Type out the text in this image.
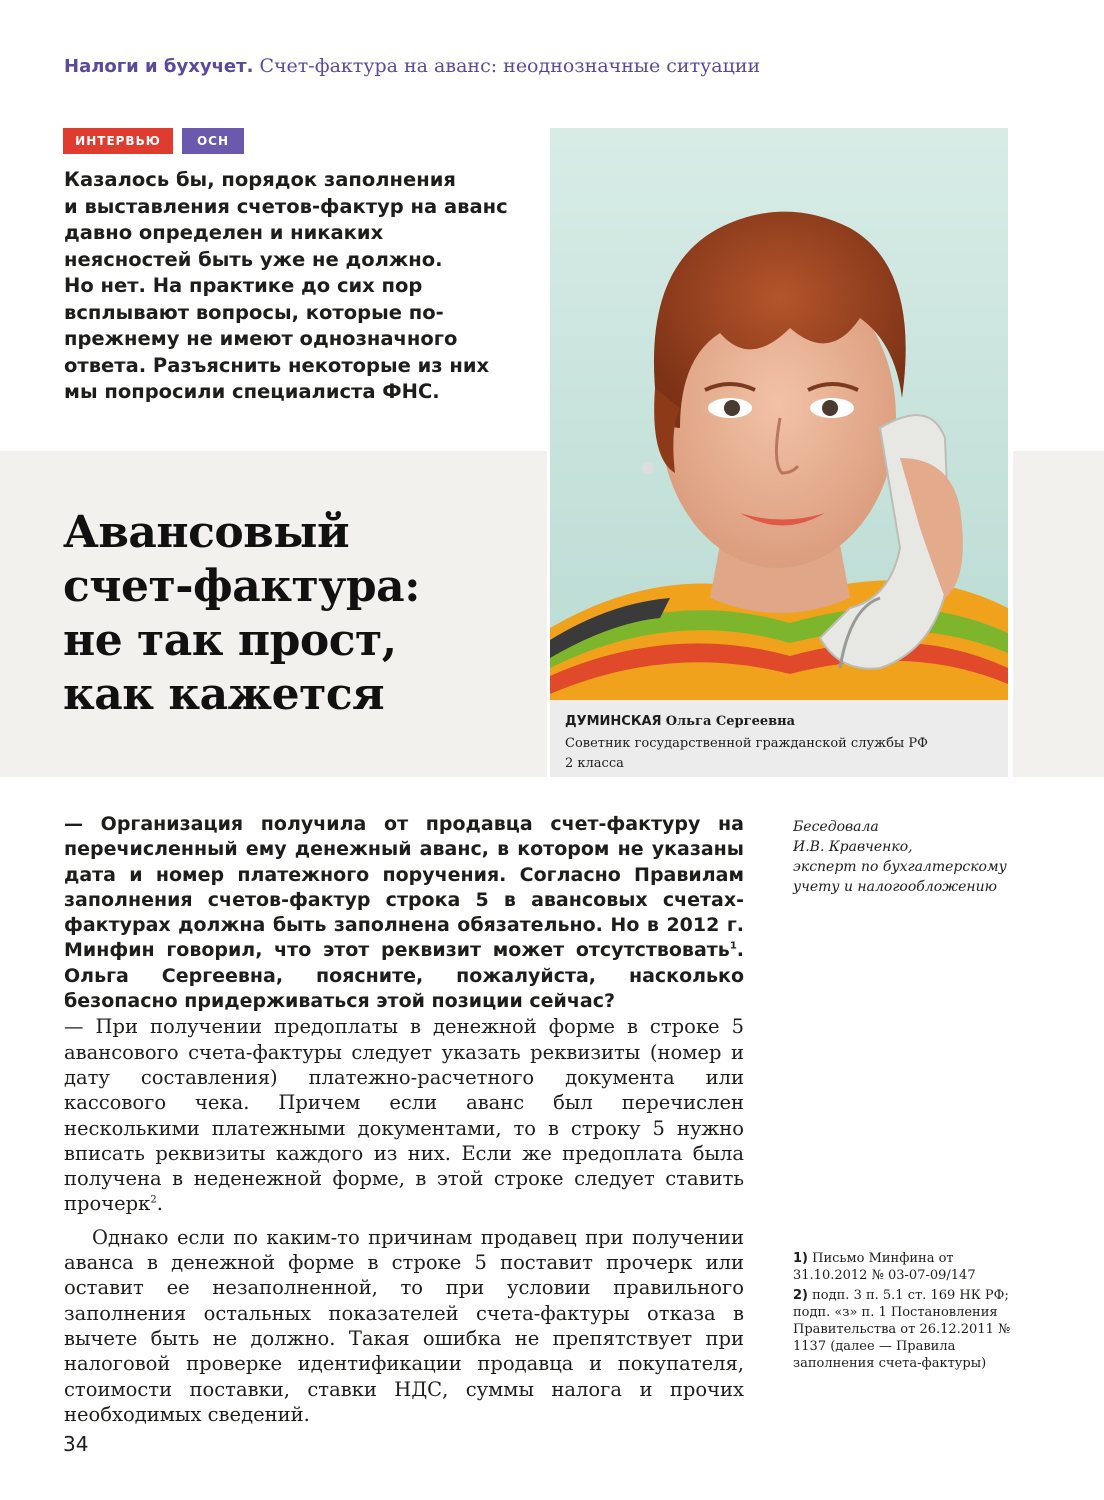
Налоги и бухучет. Счет-фактура на аванс: неоднозначные ситуации
ИНТЕРВЬЮ	ОСН
Казалось бы, порядок заполнения
и выставления счетов-фактур на аванс
давно определен и никаких
неясностей быть уже не должно.
Но нет. На практике до сих пор
всплывают вопросы, которые по-
прежнему не имеют однозначного
ответа. Разъяснить некоторые из них
мы попросили специалиста ФНС.
Авансовый
счет-фактура:
не так прост,
как кажется
ДУМИНСКАЯ Ольга Сергеевна
Советник государственной гражданской службы РФ
2 класса

— Организация получила от продавца счет-фактуру на перечисленный ему денежный аванс, в котором не указаны дата и номер платежного поручения. Согласно Правилам заполнения счетов-фактур строка 5 в авансовых счетах-фактурах должна быть заполнена обязательно. Но в 2012 г. Минфин говорил, что этот реквизит может отсутствовать$^1$. Ольга Сергеевна, поясните, пожалуйста, насколько безопасно придерживаться этой позиции сейчас?

— При получении предоплаты в денежной форме в строке 5 авансового счета-фактуры следует указать реквизиты (номер и дату составления) платежно-расчетного документа или кассового чека. Причем если аванс был перечислен несколькими платежными документами, то в строку 5 нужно вписать реквизиты каждого из них. Если же предоплата была получена в неденежной форме, в этой строке следует ставить прочерк$^2$.

Однако если по каким-то причинам продавец при получении аванса в денежной форме в строке 5 поставит прочерк или оставит ее незаполненной, то при условии правильного заполнения остальных показателей счета-фактуры отказа в вычете быть не должно. Такая ошибка не препятствует при налоговой проверке идентификации продавца и покупателя, стоимости поставки, ставки НДС, суммы налога и прочих необходимых сведений.

Беседовала
И.В. Кравченко,
эксперт по бухгалтерскому
учету и налогообложению

1) Письмо Минфина от 31.10.2012 № 03-07-09/147

2) подп. 3 п. 5.1 ст. 169 НК РФ; подп. «з» п. 1 Постановления Правительства от 26.12.2011 № 1137 (далее — Правила заполнения счета-фактуры)

34
